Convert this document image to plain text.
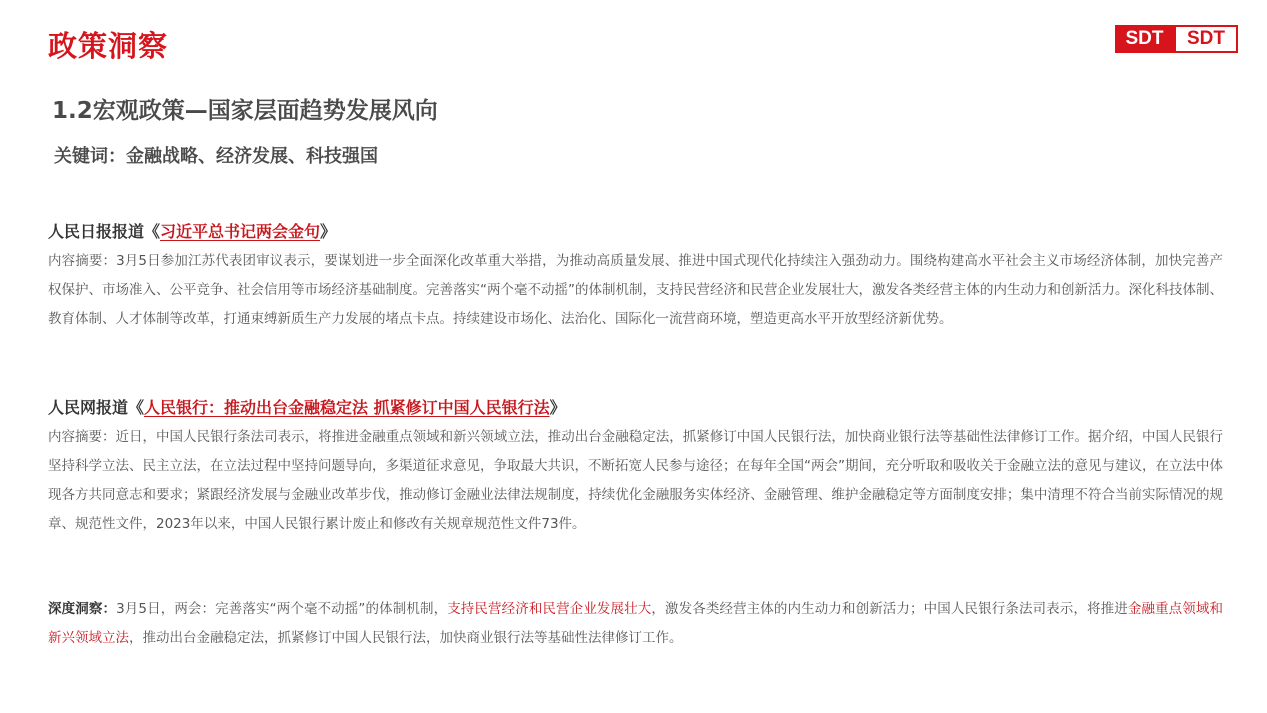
政策洞察	SDT	SDT
1.2宏观政策—国家层面趋势发展风向

关键词：金融战略、经济发展、科技强国

人民日报报道《习近平总书记两会金句》

内容摘要：3月5日参加江苏代表团审议表示，要谋划进一步全面深化改革重大举措，为推动高质量发展、推进中国式现代化持续注入强劲动力。围绕构建高水平社会主义市场经济体制，加快完善产权保护、市场准入、公平竞争、社会信用等市场经济基础制度。完善落实“两个毫不动摇”的体制机制，支持民营经济和民营企业发展壮大，激发各类经营主体的内生动力和创新活力。深化科技体制、教育体制、人才体制等改革，打通束缚新质生产力发展的堵点卡点。持续建设市场化、法治化、国际化一流营商环境，塑造更高水平开放型经济新优势。

人民网报道《人民银行：推动出台金融稳定法 抓紧修订中国人民银行法》

内容摘要：近日，中国人民银行条法司表示，将推进金融重点领域和新兴领域立法，推动出台金融稳定法，抓紧修订中国人民银行法，加快商业银行法等基础性法律修订工作。据介绍，中国人民银行坚持科学立法、民主立法，在立法过程中坚持问题导向，多渠道征求意见，争取最大共识，不断拓宽人民参与途径；在每年全国“两会”期间，充分听取和吸收关于金融立法的意见与建议，在立法中体现各方共同意志和要求；紧跟经济发展与金融业改革步伐，推动修订金融业法律法规制度，持续优化金融服务实体经济、金融管理、维护金融稳定等方面制度安排；集中清理不符合当前实际情况的规章、规范性文件，2023年以来，中国人民银行累计废止和修改有关规章规范性文件73件。

深度洞察：3月5日，两会：完善落实“两个毫不动摇”的体制机制，支持民营经济和民营企业发展壮大，激发各类经营主体的内生动力和创新活力；中国人民银行条法司表示，将推进金融重点领域和新兴领域立法，推动出台金融稳定法，抓紧修订中国人民银行法，加快商业银行法等基础性法律修订工作。
